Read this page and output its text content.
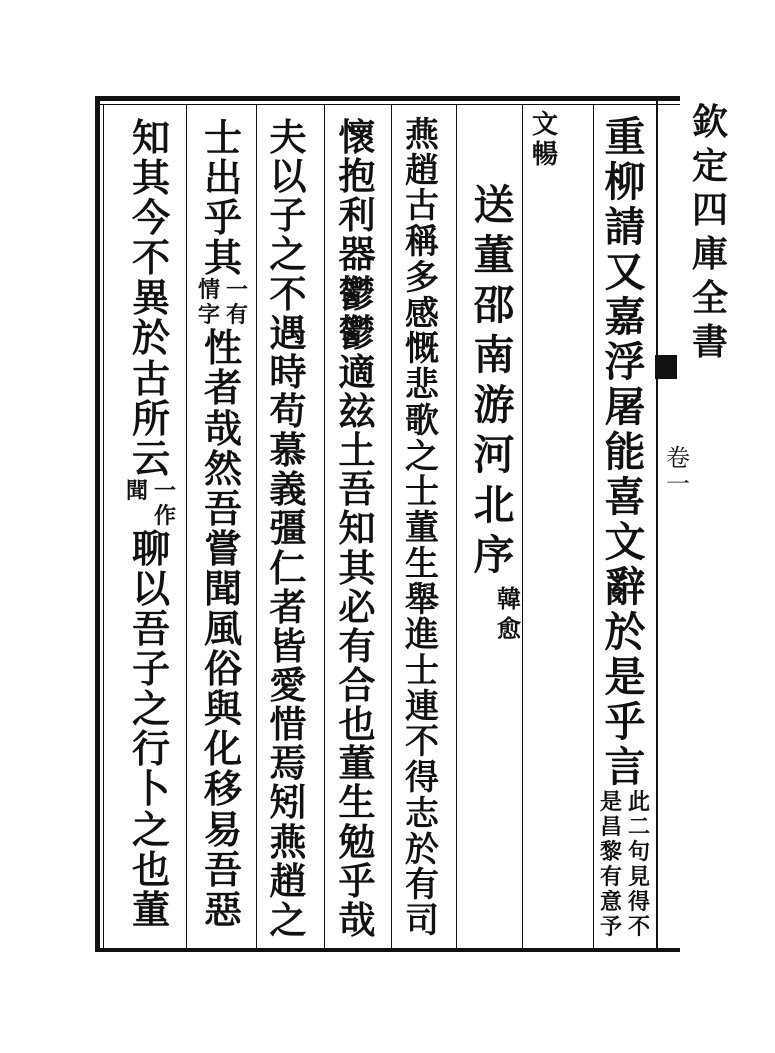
欽
定
四
庫
全
書
卷
一
重
柳
請
又
嘉
浮
屠
能
喜
文
辭
於
是
乎
言
此
二
句
見
得
不
是
昌
黎
有
意
予
文
暢
送
董
邵
南
游
河
北
序
韓
愈
燕
趙
古
稱
多
感
慨
悲
歌
之
士
董
生
舉
進
士
連
不
得
志
於
有
司
懷
抱
利
器
鬱
鬱
適
玆
土
吾
知
其
必
有
合
也
董
生
勉
乎
哉
夫
以
子
之
不
遇
時
苟
慕
義
彊
仁
者
皆
愛
惜
焉
矧
燕
趙
之
士
出
乎
其
一
有
情
字
性
者
哉
然
吾
嘗
聞
風
俗
與
化
移
易
吾
惡
知
其
今
不
異
於
古
所
云
一
作
聞
聊
以
吾
子
之
行
卜
之
也
董
